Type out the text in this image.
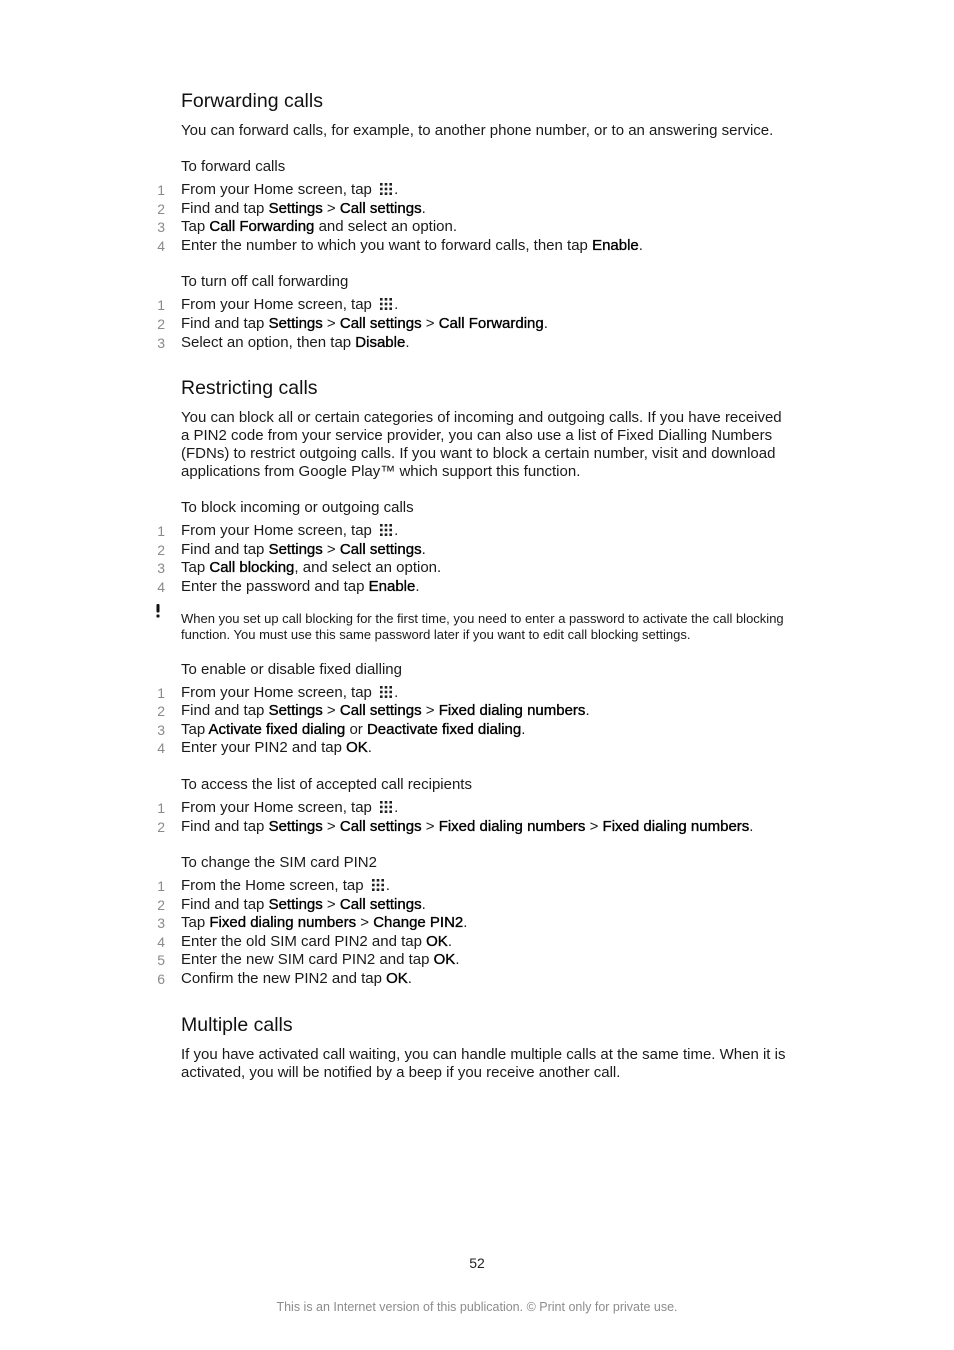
Forwarding calls

You can forward calls, for example, to another phone number, or to an answering service.

To forward calls
1 From your Home screen, tap
.
2 Find and tap Settings > Call settings.
3 Tap Call Forwarding and select an option.
4 Enter the number to which you want to forward calls, then tap Enable.
To turn off call forwarding
1 From your Home screen, tap
.
2 Find and tap Settings > Call settings > Call Forwarding.
3 Select an option, then tap Disable.
Restricting calls

You can block all or certain categories of incoming and outgoing calls. If you have received a PIN2 code from your service provider, you can also use a list of Fixed Dialling Numbers (FDNs) to restrict outgoing calls. If you want to block a certain number, visit and download applications from Google Play™ which support this function.

To block incoming or outgoing calls
1 From your Home screen, tap
.
2 Find and tap Settings > Call settings.
3 Tap Call blocking, and select an option.
4 Enter the password and tap Enable.

When you set up call blocking for the first time, you need to enter a password to activate the call blocking function. You must use this same password later if you want to edit call blocking settings.

To enable or disable fixed dialling
1 From your Home screen, tap
.
2 Find and tap Settings > Call settings > Fixed dialing numbers.
3 Tap Activate fixed dialing or Deactivate fixed dialing.
4 Enter your PIN2 and tap OK.
To access the list of accepted call recipients
1 From your Home screen, tap
.
2 Find and tap Settings > Call settings > Fixed dialing numbers > Fixed dialing numbers.
To change the SIM card PIN2
1 From the Home screen, tap
.
2 Find and tap Settings > Call settings.
3 Tap Fixed dialing numbers > Change PIN2.
4 Enter the old SIM card PIN2 and tap OK.
5 Enter the new SIM card PIN2 and tap OK.
6 Confirm the new PIN2 and tap OK.
Multiple calls

If you have activated call waiting, you can handle multiple calls at the same time. When it is activated, you will be notified by a beep if you receive another call.

52
This is an Internet version of this publication. © Print only for private use.
